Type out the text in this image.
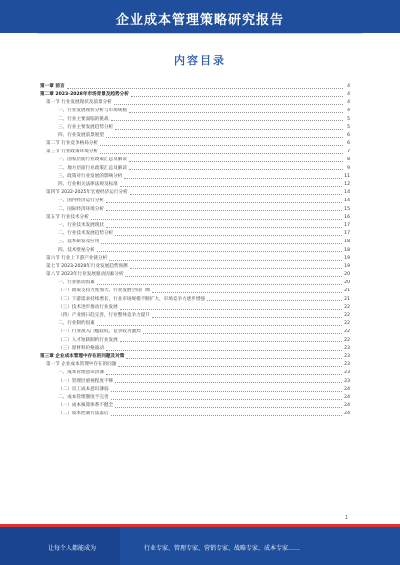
企业成本管理策略研究报告
内容目录
第一章 前言	4
第二章 2023-2028年市场背景及趋势分析	4
第一节 行业发展现状及前景分析	4
一、行业发展现状分析与市场规模	4
二、行业主要面临的挑战	5
三、行业主要发展趋势分析	5
四、行业发展前景展望	6
第二节 行业竞争格局分析	6
第三节 行业政策环境分析	7
一、国家层面行业政策汇总及解读	8
二、地方层面行业政策汇总及解读	9
三、政策对行业发展的影响分析	11
四、行业相关法律法规及标准	12
第四节 2022-2025年宏观经济运行分析	14
一、国内经济运行分析	14
二、国际经济环境分析	15
第五节 行业技术分析	16
一、行业技术发展现状	17
二、行业技术发展趋势分析	17
三、技术研发及应用	18
四、技术壁垒分析	18
第六节 行业上下游产业链分析	19
第七节 2023-2028年行业发展趋势预测	19
第八节 2023年行业发展驱动因素分析	20
一、行业驱动因素	20
（一）政策支持力度加大，行业发展空间广阔	21
（二）下游需求持续增长，行业市场规模不断扩大，市场竞争力逐步增强	21
（三）技术进步推动行业发展	22
（四）产业链日趋完善，行业整体竞争力提升	22
二、行业制约因素	22
（一）行业准入门槛较低，竞争较为激烈	22
（二）人才短缺制约行业发展	22
（三）原材料价格波动	23
第三章 企业成本管理中存在的问题及对策	23
第一节 企业成本管理中存在的问题	23
一、成本管理意识淡薄	23
（一）管理层重视程度不够	23
（二）员工成本意识薄弱	24
二、成本管理制度不完善	24
（一）成本核算体系不健全	24
（二）成本控制方法落后	24
1
让每个人都能成为	行业专家、管理专家、营销专家、战略专家、成本专家……
